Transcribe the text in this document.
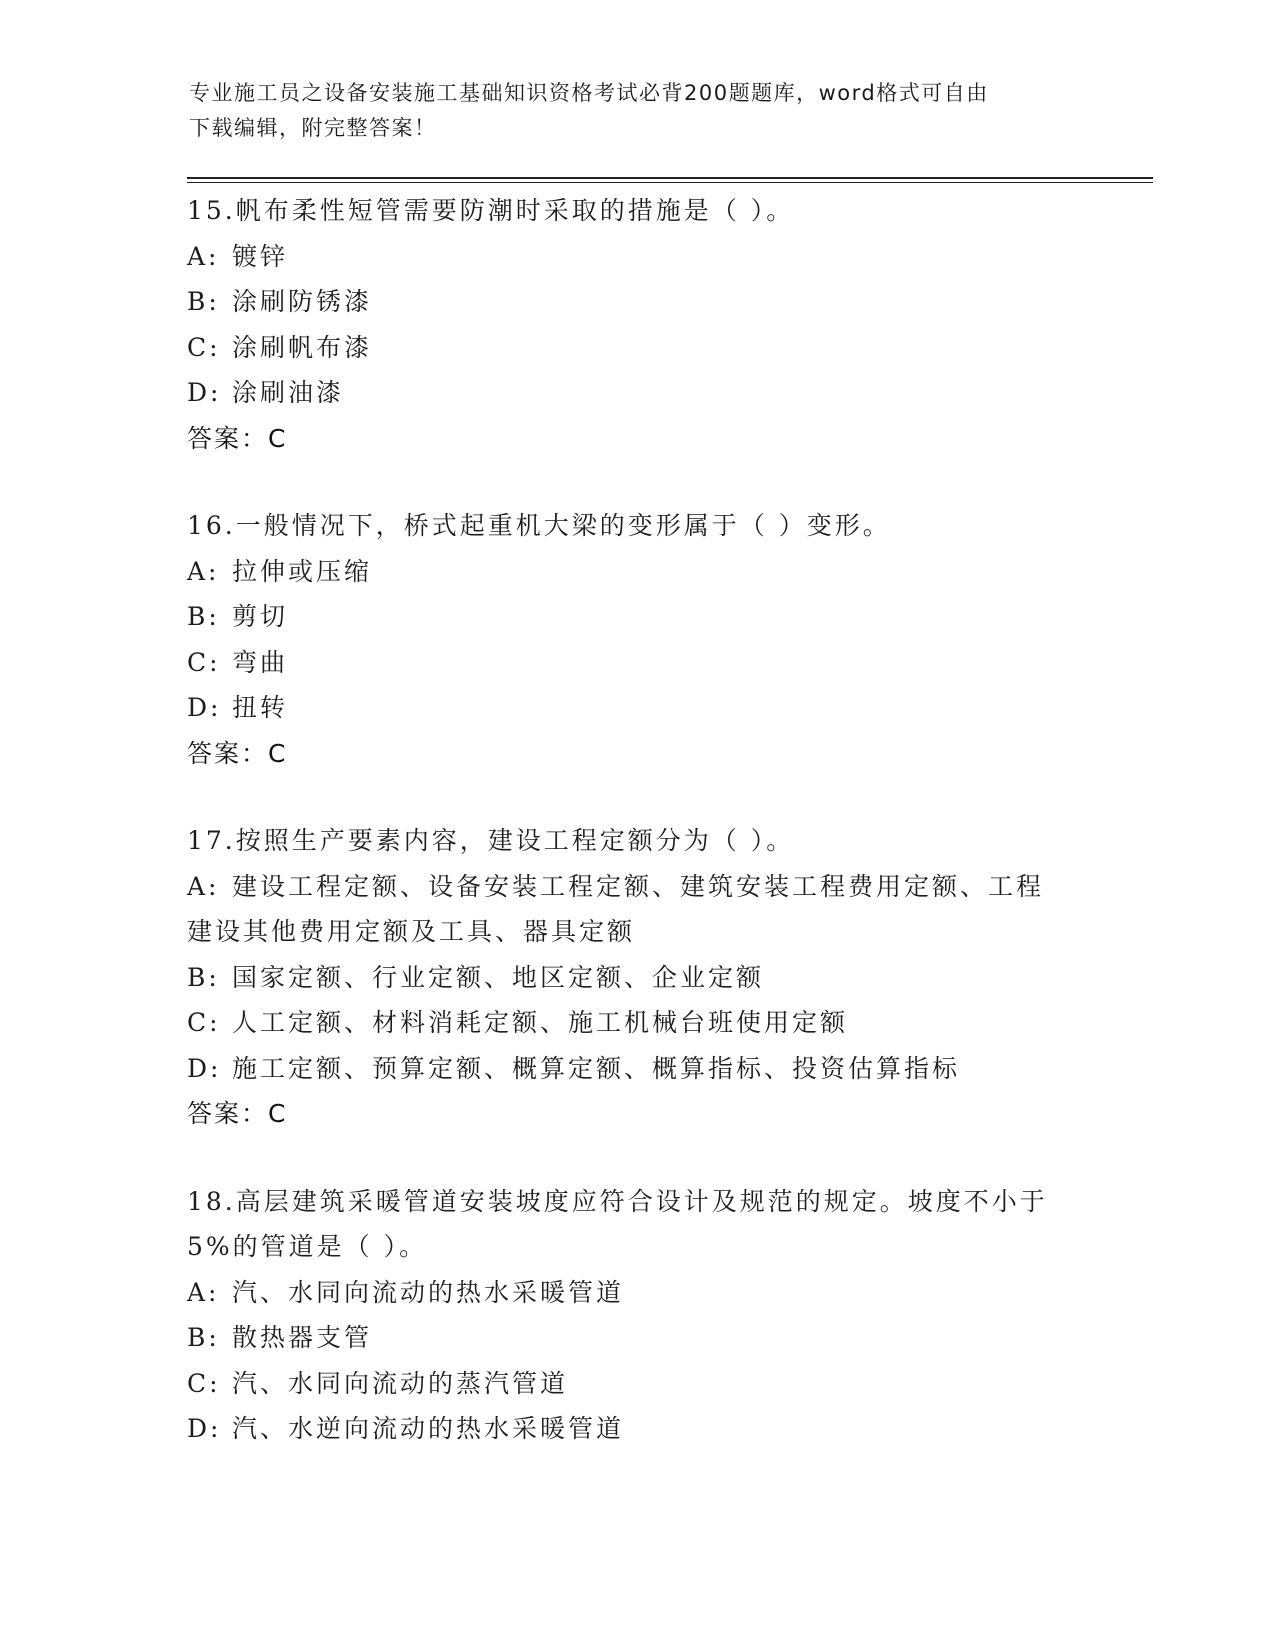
专业施工员之设备安装施工基础知识资格考试必背200题题库，word格式可自由
下载编辑，附完整答案！
15.帆布柔性短管需要防潮时采取的措施是（ ）。
A: 镀锌
B: 涂刷防锈漆
C: 涂刷帆布漆
D: 涂刷油漆
答案：C
16.一般情况下，桥式起重机大梁的变形属于（ ）变形。
A: 拉伸或压缩
B: 剪切
C: 弯曲
D: 扭转
答案：C
17.按照生产要素内容，建设工程定额分为（ ）。
A: 建设工程定额、设备安装工程定额、建筑安装工程费用定额、工程
建设其他费用定额及工具、器具定额
B: 国家定额、行业定额、地区定额、企业定额
C: 人工定额、材料消耗定额、施工机械台班使用定额
D: 施工定额、预算定额、概算定额、概算指标、投资估算指标
答案：C
18.高层建筑采暖管道安装坡度应符合设计及规范的规定。坡度不小于
5%的管道是（ ）。
A: 汽、水同向流动的热水采暖管道
B: 散热器支管
C: 汽、水同向流动的蒸汽管道
D: 汽、水逆向流动的热水采暖管道
